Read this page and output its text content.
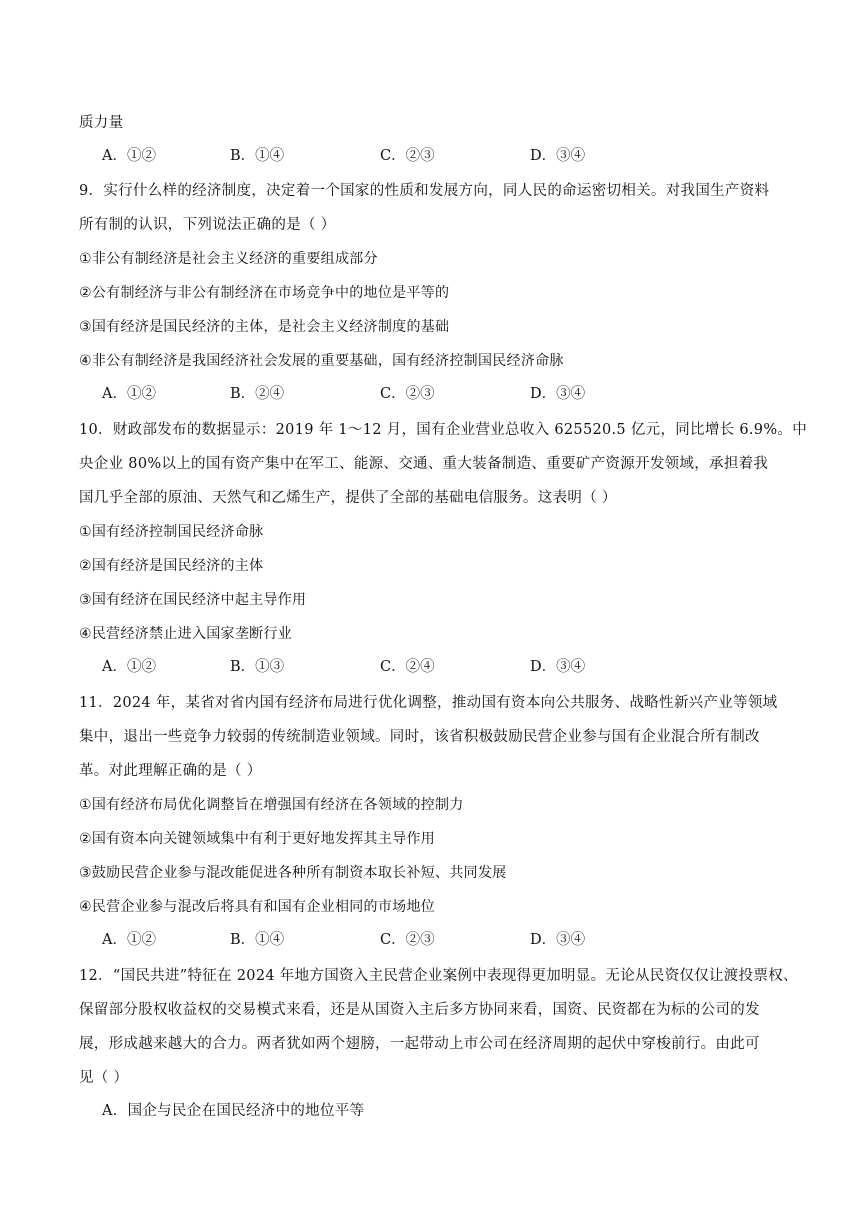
质力量
A．①②	B．①④	C．②③	D．③④
9．实行什么样的经济制度，决定着一个国家的性质和发展方向，同人民的命运密切相关。对我国生产资料
所有制的认识，下列说法正确的是（ ）
①非公有制经济是社会主义经济的重要组成部分
②公有制经济与非公有制经济在市场竞争中的地位是平等的
③国有经济是国民经济的主体，是社会主义经济制度的基础
④非公有制经济是我国经济社会发展的重要基础，国有经济控制国民经济命脉
A．①②	B．②④	C．②③	D．③④
10．财政部发布的数据显示：2019 年 1～12 月，国有企业营业总收入 625520.5 亿元，同比增长 6.9%。中
央企业 80%以上的国有资产集中在军工、能源、交通、重大装备制造、重要矿产资源开发领域，承担着我
国几乎全部的原油、天然气和乙烯生产，提供了全部的基础电信服务。这表明（ ）
①国有经济控制国民经济命脉
②国有经济是国民经济的主体
③国有经济在国民经济中起主导作用
④民营经济禁止进入国家垄断行业
A．①②	B．①③	C．②④	D．③④
11．2024 年，某省对省内国有经济布局进行优化调整，推动国有资本向公共服务、战略性新兴产业等领域
集中，退出一些竞争力较弱的传统制造业领域。同时，该省积极鼓励民营企业参与国有企业混合所有制改
革。对此理解正确的是（ ）
①国有经济布局优化调整旨在增强国有经济在各领域的控制力
②国有资本向关键领域集中有利于更好地发挥其主导作用
③鼓励民营企业参与混改能促进各种所有制资本取长补短、共同发展
④民营企业参与混改后将具有和国有企业相同的市场地位
A．①②	B．①④	C．②③	D．③④
12．“国民共进”特征在 2024 年地方国资入主民营企业案例中表现得更加明显。无论从民资仅仅让渡投票权、
保留部分股权收益权的交易模式来看，还是从国资入主后多方协同来看，国资、民资都在为标的公司的发
展，形成越来越大的合力。两者犹如两个翅膀，一起带动上市公司在经济周期的起伏中穿梭前行。由此可
见（ ）
A．国企与民企在国民经济中的地位平等
